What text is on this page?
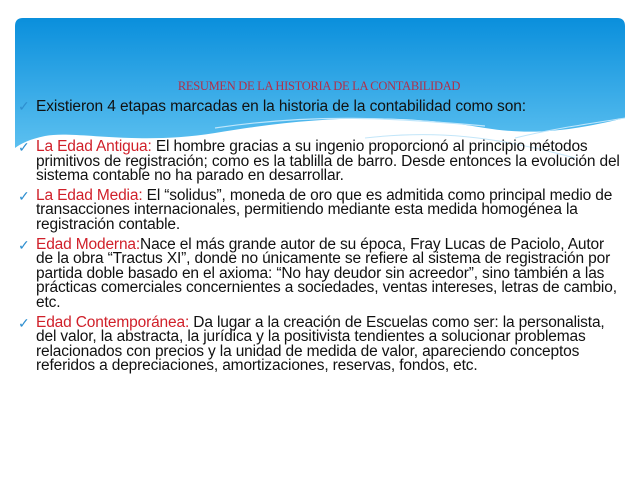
RESUMEN DE LA HISTORIA DE LA CONTABILIDAD
✓ Existieron 4 etapas marcadas en la historia de la contabilidad como son:
✓ La Edad Antigua: El hombre gracias a su ingenio proporcionó al principio métodos primitivos de registración; como es la tablilla de barro. Desde entonces la evolución del sistema contable no ha parado en desarrollar.
✓ La Edad Media: El “solidus”, moneda de oro que es admitida como principal medio de transacciones internacionales, permitiendo mediante esta medida homogénea la registración contable.
✓ Edad Moderna:Nace el más grande autor de su época, Fray Lucas de Paciolo, Autor de la obra “Tractus XI”, donde no únicamente se refiere al sistema de registración por partida doble basado en el axioma: “No hay deudor sin acreedor”, sino también a las prácticas comerciales concernientes a sociedades, ventas intereses, letras de cambio, etc.
✓ Edad Contemporánea: Da lugar a la creación de Escuelas como ser: la personalista, del valor, la abstracta, la jurídica y la positivista tendientes a solucionar problemas relacionados con precios y la unidad de medida de valor, apareciendo conceptos referidos a depreciaciones, amortizaciones, reservas, fondos, etc.
